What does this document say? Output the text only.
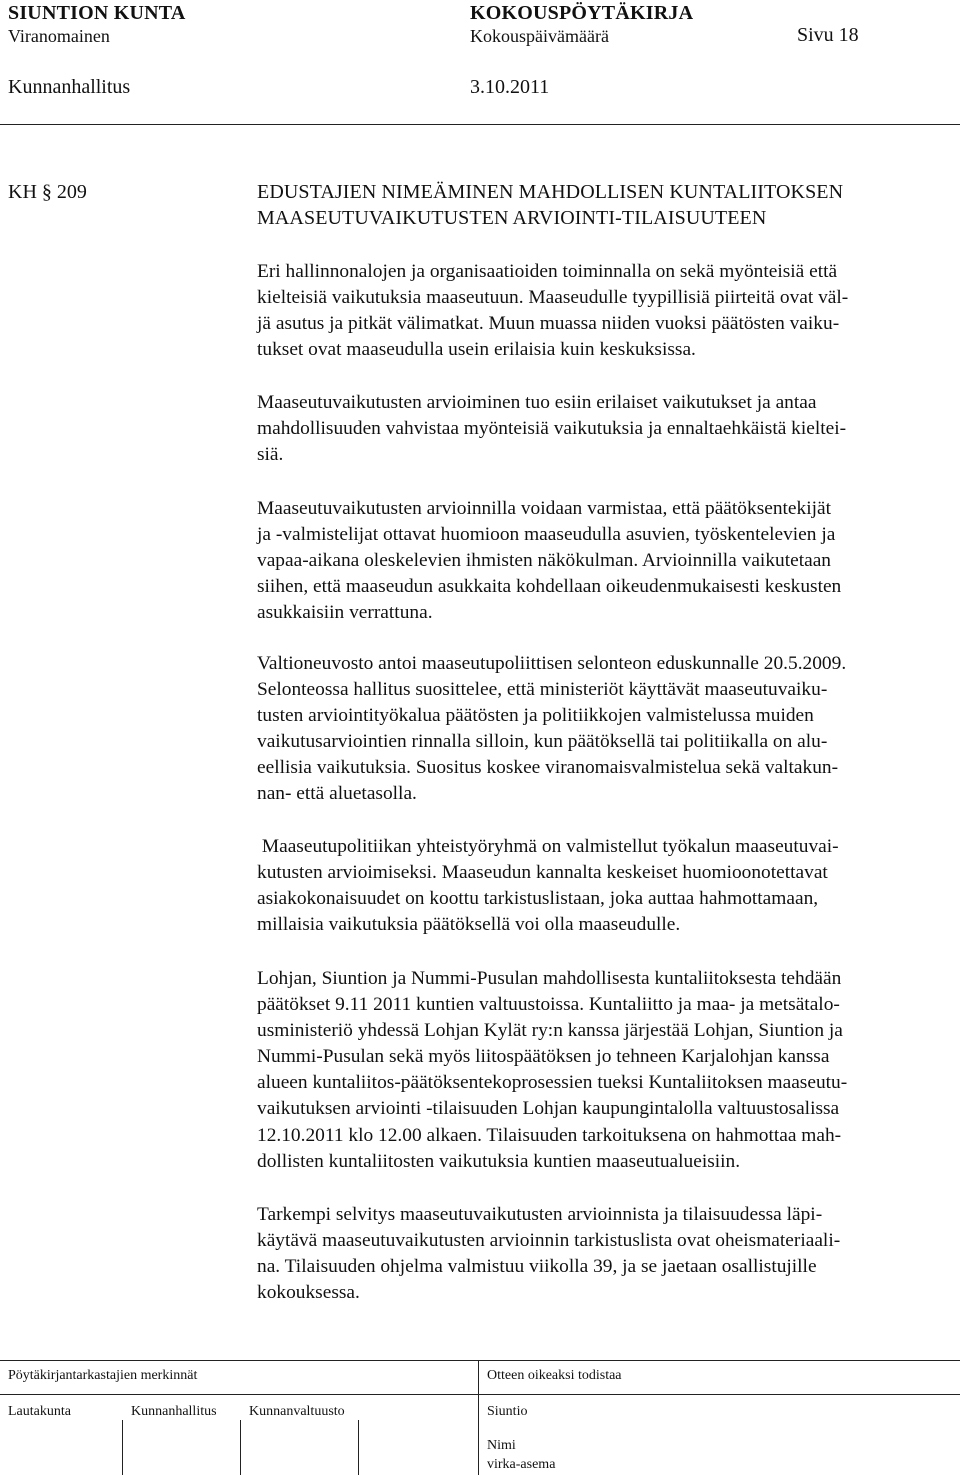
SIUNTION KUNTA	KOKOUSPÖYTÄKIRJA
Viranomainen	Kokouspäivämäärä	Sivu 18
Kunnanhallitus	3.10.2011
KH § 209	EDUSTAJIEN NIMEÄMINEN MAHDOLLISEN KUNTALIITOKSEN
MAASEUTUVAIKUTUSTEN ARVIOINTI-TILAISUUTEEN
Eri hallinnonalojen ja organisaatioiden toiminnalla on sekä myönteisiä että
kielteisiä vaikutuksia maaseutuun. Maaseudulle tyypillisiä piirteitä ovat väl-
jä asutus ja pitkät välimatkat. Muun muassa niiden vuoksi päätösten vaiku-
tukset ovat maaseudulla usein erilaisia kuin keskuksissa.
Maaseutuvaikutusten arvioiminen tuo esiin erilaiset vaikutukset ja antaa
mahdollisuuden vahvistaa myönteisiä vaikutuksia ja ennaltaehkäistä kieltei-
siä.
Maaseutuvaikutusten arvioinnilla voidaan varmistaa, että päätöksentekijät
ja -valmistelijat ottavat huomioon maaseudulla asuvien, työskentelevien ja
vapaa-aikana oleskelevien ihmisten näkökulman. Arvioinnilla vaikutetaan
siihen, että maaseudun asukkaita kohdellaan oikeudenmukaisesti keskusten
asukkaisiin verrattuna.
Valtioneuvosto antoi maaseutupoliittisen selonteon eduskunnalle 20.5.2009.
Selonteossa hallitus suosittelee, että ministeriöt käyttävät maaseutuvaiku-
tusten arviointityökalua päätösten ja politiikkojen valmistelussa muiden
vaikutusarviointien rinnalla silloin, kun päätöksellä tai politiikalla on alu-
eellisia vaikutuksia. Suositus koskee viranomaisvalmistelua sekä valtakun-
nan- että aluetasolla.
Maaseutupolitiikan yhteistyöryhmä on valmistellut työkalun maaseutuvai-
kutusten arvioimiseksi. Maaseudun kannalta keskeiset huomioonotettavat
asiakokonaisuudet on koottu tarkistuslistaan, joka auttaa hahmottamaan,
millaisia vaikutuksia päätöksellä voi olla maaseudulle.
Lohjan, Siuntion ja Nummi-Pusulan mahdollisesta kuntaliitoksesta tehdään
päätökset 9.11 2011 kuntien valtuustoissa. Kuntaliitto ja maa- ja metsätalo-
usministeriö yhdessä Lohjan Kylät ry:n kanssa järjestää Lohjan, Siuntion ja
Nummi-Pusulan sekä myös liitospäätöksen jo tehneen Karjalohjan kanssa
alueen kuntaliitos-päätöksentekoprosessien tueksi Kuntaliitoksen maaseutu-
vaikutuksen arviointi -tilaisuuden Lohjan kaupungintalolla valtuustosalissa
12.10.2011 klo 12.00 alkaen. Tilaisuuden tarkoituksena on hahmottaa mah-
dollisten kuntaliitosten vaikutuksia kuntien maaseutualueisiin.
Tarkempi selvitys maaseutuvaikutusten arvioinnista ja tilaisuudessa läpi-
käytävä maaseutuvaikutusten arvioinnin tarkistuslista ovat oheismateriaali-
na. Tilaisuuden ohjelma valmistuu viikolla 39, ja se jaetaan osallistujille
kokouksessa.
Pöytäkirjantarkastajien merkinnät	Otteen oikeaksi todistaa
Lautakunta	Kunnanhallitus Kunnanvaltuusto	Siuntio
Nimi
virka-asema
